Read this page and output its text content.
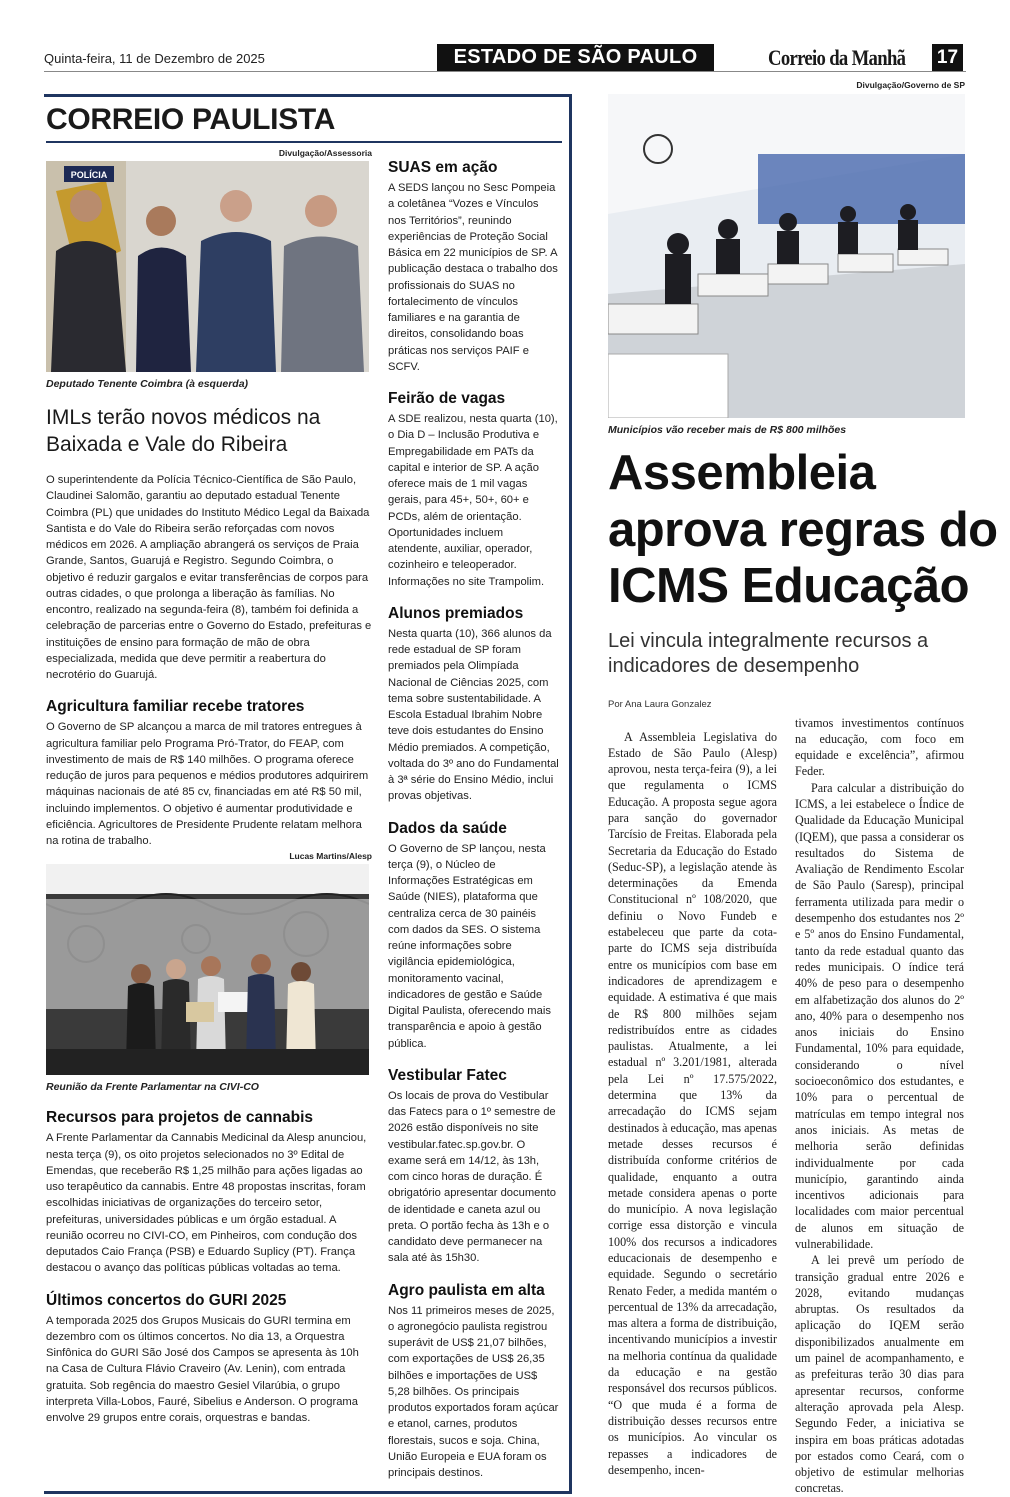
Quinta-feira, 11 de Dezembro de 2025	ESTADO DE SÃO PAULO	Correio da Manhã 17
CORREIO PAULISTA
Divulgação/Assessoria
POLÍCIA
Deputado Tenente Coimbra (à esquerda)
IMLs terão novos médicos na Baixada e Vale do Ribeira
O superintendente da Polícia Técnico-Científica de São Paulo, Claudinei Salomão, garantiu ao deputado estadual Tenente Coimbra (PL) que unidades do Instituto Médico Legal da Baixada Santista e do Vale do Ribeira serão reforçadas com novos médicos em 2026. A ampliação abrangerá os serviços de Praia Grande, Santos, Guarujá e Registro. Segundo Coimbra, o objetivo é reduzir gargalos e evitar transferências de corpos para outras cidades, o que prolonga a liberação às famílias. No encontro, realizado na segunda-feira (8), também foi definida a celebração de parcerias entre o Governo do Estado, prefeituras e instituições de ensino para formação de mão de obra especializada, medida que deve permitir a reabertura do necrotério do Guarujá.
Agricultura familiar recebe tratores
O Governo de SP alcançou a marca de mil tratores entregues à agricultura familiar pelo Programa Pró-Trator, do FEAP, com investimento de mais de R$ 140 milhões. O programa oferece redução de juros para pequenos e médios produtores adquirirem máquinas nacionais de até 85 cv, financiadas em até R$ 50 mil, incluindo implementos. O objetivo é aumentar produtividade e eficiência. Agricultores de Presidente Prudente relatam melhora na rotina de trabalho.
Lucas Martins/Alesp
Reunião da Frente Parlamentar na CIVI-CO
Recursos para projetos de cannabis
A Frente Parlamentar da Cannabis Medicinal da Alesp anunciou, nesta terça (9), os oito projetos selecionados no 3º Edital de Emendas, que receberão R$ 1,25 milhão para ações ligadas ao uso terapêutico da cannabis. Entre 48 propostas inscritas, foram escolhidas iniciativas de organizações do terceiro setor, prefeituras, universidades públicas e um órgão estadual. A reunião ocorreu no CIVI-CO, em Pinheiros, com condução dos deputados Caio França (PSB) e Eduardo Suplicy (PT). França destacou o avanço das políticas públicas voltadas ao tema.
Últimos concertos do GURI 2025
A temporada 2025 dos Grupos Musicais do GURI termina em dezembro com os últimos concertos. No dia 13, a Orquestra Sinfônica do GURI São José dos Campos se apresenta às 10h na Casa de Cultura Flávio Craveiro (Av. Lenin), com entrada gratuita. Sob regência do maestro Gesiel Vilarúbia, o grupo interpreta Villa-Lobos, Fauré, Sibelius e Anderson. O programa envolve 29 grupos entre corais, orquestras e bandas.
SUAS em ação
A SEDS lançou no Sesc Pompeia a coletânea “Vozes e Vínculos nos Territórios”, reunindo experiências de Proteção Social Básica em 22 municípios de SP. A publicação destaca o trabalho dos profissionais do SUAS no fortalecimento de vínculos familiares e na garantia de direitos, consolidando boas práticas nos serviços PAIF e SCFV.
Feirão de vagas
A SDE realizou, nesta quarta (10), o Dia D – Inclusão Produtiva e Empregabilidade em PATs da capital e interior de SP. A ação oferece mais de 1 mil vagas gerais, para 45+, 50+, 60+ e PCDs, além de orientação. Oportunidades incluem atendente, auxiliar, operador, cozinheiro e teleoperador. Informações no site Trampolim.
Alunos premiados
Nesta quarta (10), 366 alunos da rede estadual de SP foram premiados pela Olimpíada Nacional de Ciências 2025, com tema sobre sustentabilidade. A Escola Estadual Ibrahim Nobre teve dois estudantes do Ensino Médio premiados. A competição, voltada do 3º ano do Fundamental à 3ª série do Ensino Médio, inclui provas objetivas.
Dados da saúde
O Governo de SP lançou, nesta terça (9), o Núcleo de Informações Estratégicas em Saúde (NIES), plataforma que centraliza cerca de 30 painéis com dados da SES. O sistema reúne informações sobre vigilância epidemiológica, monitoramento vacinal, indicadores de gestão e Saúde Digital Paulista, oferecendo mais transparência e apoio à gestão pública.
Vestibular Fatec
Os locais de prova do Vestibular das Fatecs para o 1º semestre de 2026 estão disponíveis no site vestibular.fatec.sp.gov.br. O exame será em 14/12, às 13h, com cinco horas de duração. É obrigatório apresentar documento de identidade e caneta azul ou preta. O portão fecha às 13h e o candidato deve permanecer na sala até às 15h30.
Agro paulista em alta
Nos 11 primeiros meses de 2025, o agronegócio paulista registrou superávit de US$ 21,07 bilhões, com exportações de US$ 26,35 bilhões e importações de US$ 5,28 bilhões. Os principais produtos exportados foram açúcar e etanol, carnes, produtos florestais, sucos e soja. China, União Europeia e EUA foram os principais destinos.
Divulgação/Governo de SP
Municípios vão receber mais de R$ 800 milhões
Assembleia aprova regras do ICMS Educação
Lei vincula integralmente recursos a indicadores de desempenho
Por Ana Laura Gonzalez

A Assembleia Legislativa do Estado de São Paulo (Alesp) aprovou, nesta terça-feira (9), a lei que regulamenta o ICMS Educação. A proposta segue agora para sanção do governador Tarcísio de Freitas. Elaborada pela Secretaria da Educação do Estado (Seduc-SP), a legislação atende às determinações da Emenda Constitucional nº 108/2020, que definiu o Novo Fundeb e estabeleceu que parte da cota-parte do ICMS seja distribuída entre os municípios com base em indicadores de aprendizagem e equidade. A estimativa é que mais de R$ 800 milhões sejam redistribuídos entre as cidades paulistas. Atualmente, a lei estadual nº 3.201/1981, alterada pela Lei nº 17.575/2022, determina que 13% da arrecadação do ICMS sejam destinados à educação, mas apenas metade desses recursos é distribuída conforme critérios de qualidade, enquanto a outra metade considera apenas o porte do município. A nova legislação corrige essa distorção e vincula 100% dos recursos a indicadores educacionais de desempenho e equidade. Segundo o secretário Renato Feder, a medida mantém o percentual de 13% da arrecadação, mas altera a forma de distribuição, incentivando municípios a investir na melhoria contínua da qualidade da educação e na gestão responsável dos recursos públicos. “O que muda é a forma de distribuição desses recursos entre os municípios. Ao vincular os repasses a indicadores de desempenho, incen-

tivamos investimentos contínuos na educação, com foco em equidade e excelência”, afirmou Feder.

Para calcular a distribuição do ICMS, a lei estabelece o Índice de Qualidade da Educação Municipal (IQEM), que passa a considerar os resultados do Sistema de Avaliação de Rendimento Escolar de São Paulo (Saresp), principal ferramenta utilizada para medir o desempenho dos estudantes nos 2º e 5º anos do Ensino Fundamental, tanto da rede estadual quanto das redes municipais. O índice terá 40% de peso para o desempenho em alfabetização dos alunos do 2º ano, 40% para o desempenho nos anos iniciais do Ensino Fundamental, 10% para equidade, considerando o nível socioeconômico dos estudantes, e 10% para o percentual de matrículas em tempo integral nos anos iniciais. As metas de melhoria serão definidas individualmente por cada município, garantindo ainda incentivos adicionais para localidades com maior percentual de alunos em situação de vulnerabilidade.

A lei prevê um período de transição gradual entre 2026 e 2028, evitando mudanças abruptas. Os resultados da aplicação do IQEM serão disponibilizados anualmente em um painel de acompanhamento, e as prefeituras terão 30 dias para apresentar recursos, conforme alteração aprovada pela Alesp. Segundo Feder, a iniciativa se inspira em boas práticas adotadas por estados como Ceará, com o objetivo de estimular melhorias concretas.
